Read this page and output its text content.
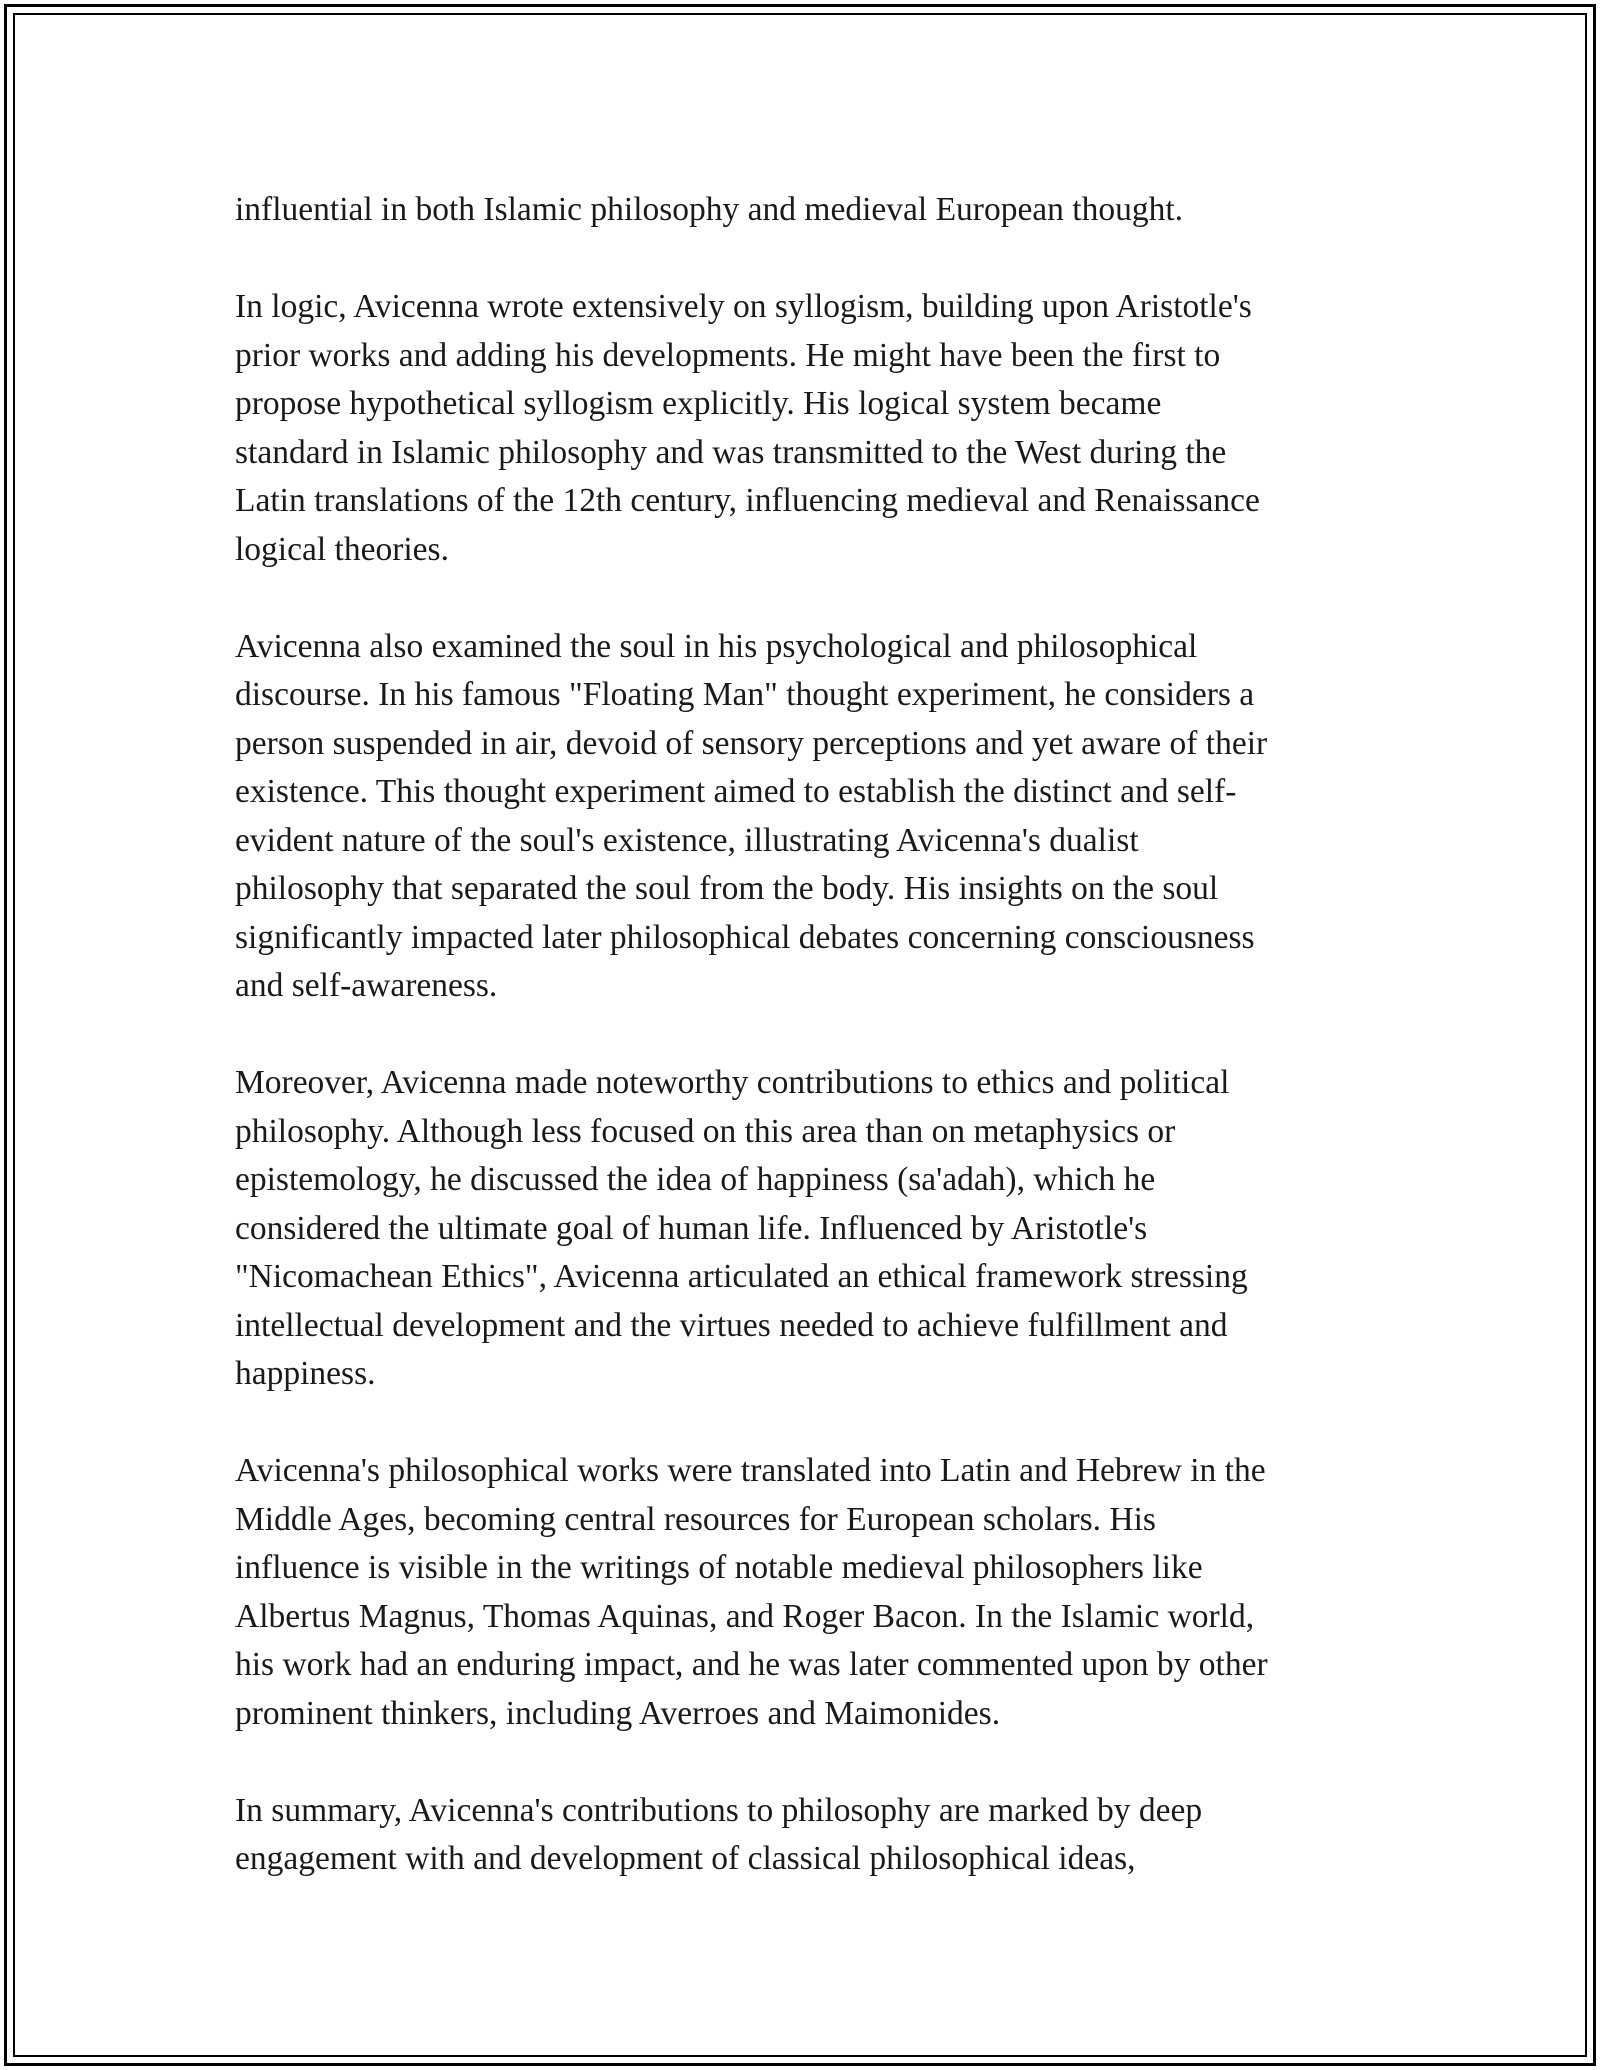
influential in both Islamic philosophy and medieval European thought.

In logic, Avicenna wrote extensively on syllogism, building upon Aristotle's
prior works and adding his developments. He might have been the first to
propose hypothetical syllogism explicitly. His logical system became
standard in Islamic philosophy and was transmitted to the West during the
Latin translations of the 12th century, influencing medieval and Renaissance
logical theories.

Avicenna also examined the soul in his psychological and philosophical
discourse. In his famous "Floating Man" thought experiment, he considers a
person suspended in air, devoid of sensory perceptions and yet aware of their
existence. This thought experiment aimed to establish the distinct and self-
evident nature of the soul's existence, illustrating Avicenna's dualist
philosophy that separated the soul from the body. His insights on the soul
significantly impacted later philosophical debates concerning consciousness
and self-awareness.

Moreover, Avicenna made noteworthy contributions to ethics and political
philosophy. Although less focused on this area than on metaphysics or
epistemology, he discussed the idea of happiness (sa'adah), which he
considered the ultimate goal of human life. Influenced by Aristotle's
"Nicomachean Ethics", Avicenna articulated an ethical framework stressing
intellectual development and the virtues needed to achieve fulfillment and
happiness.

Avicenna's philosophical works were translated into Latin and Hebrew in the
Middle Ages, becoming central resources for European scholars. His
influence is visible in the writings of notable medieval philosophers like
Albertus Magnus, Thomas Aquinas, and Roger Bacon. In the Islamic world,
his work had an enduring impact, and he was later commented upon by other
prominent thinkers, including Averroes and Maimonides.

In summary, Avicenna's contributions to philosophy are marked by deep
engagement with and development of classical philosophical ideas,
